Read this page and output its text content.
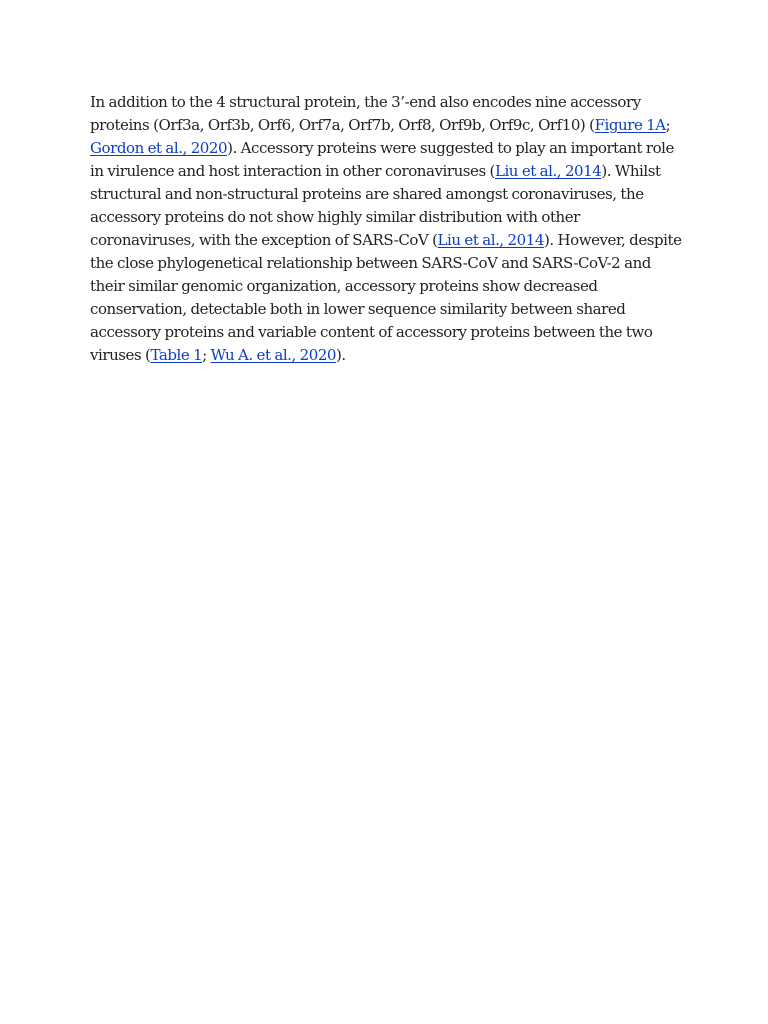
In addition to the 4 structural protein, the 3’-end also encodes nine accessory proteins (Orf3a, Orf3b, Orf6, Orf7a, Orf7b, Orf8, Orf9b, Orf9c, Orf10) (Figure 1A; Gordon et al., 2020). Accessory proteins were suggested to play an important role in virulence and host interaction in other coronaviruses (Liu et al., 2014). Whilst structural and non-structural proteins are shared amongst coronaviruses, the accessory proteins do not show highly similar distribution with other coronaviruses, with the exception of SARS-CoV (Liu et al., 2014). However, despite the close phylogenetical relationship between SARS-CoV and SARS-CoV-2 and their similar genomic organization, accessory proteins show decreased conservation, detectable both in lower sequence similarity between shared accessory proteins and variable content of accessory proteins between the two viruses (Table 1; Wu A. et al., 2020).
